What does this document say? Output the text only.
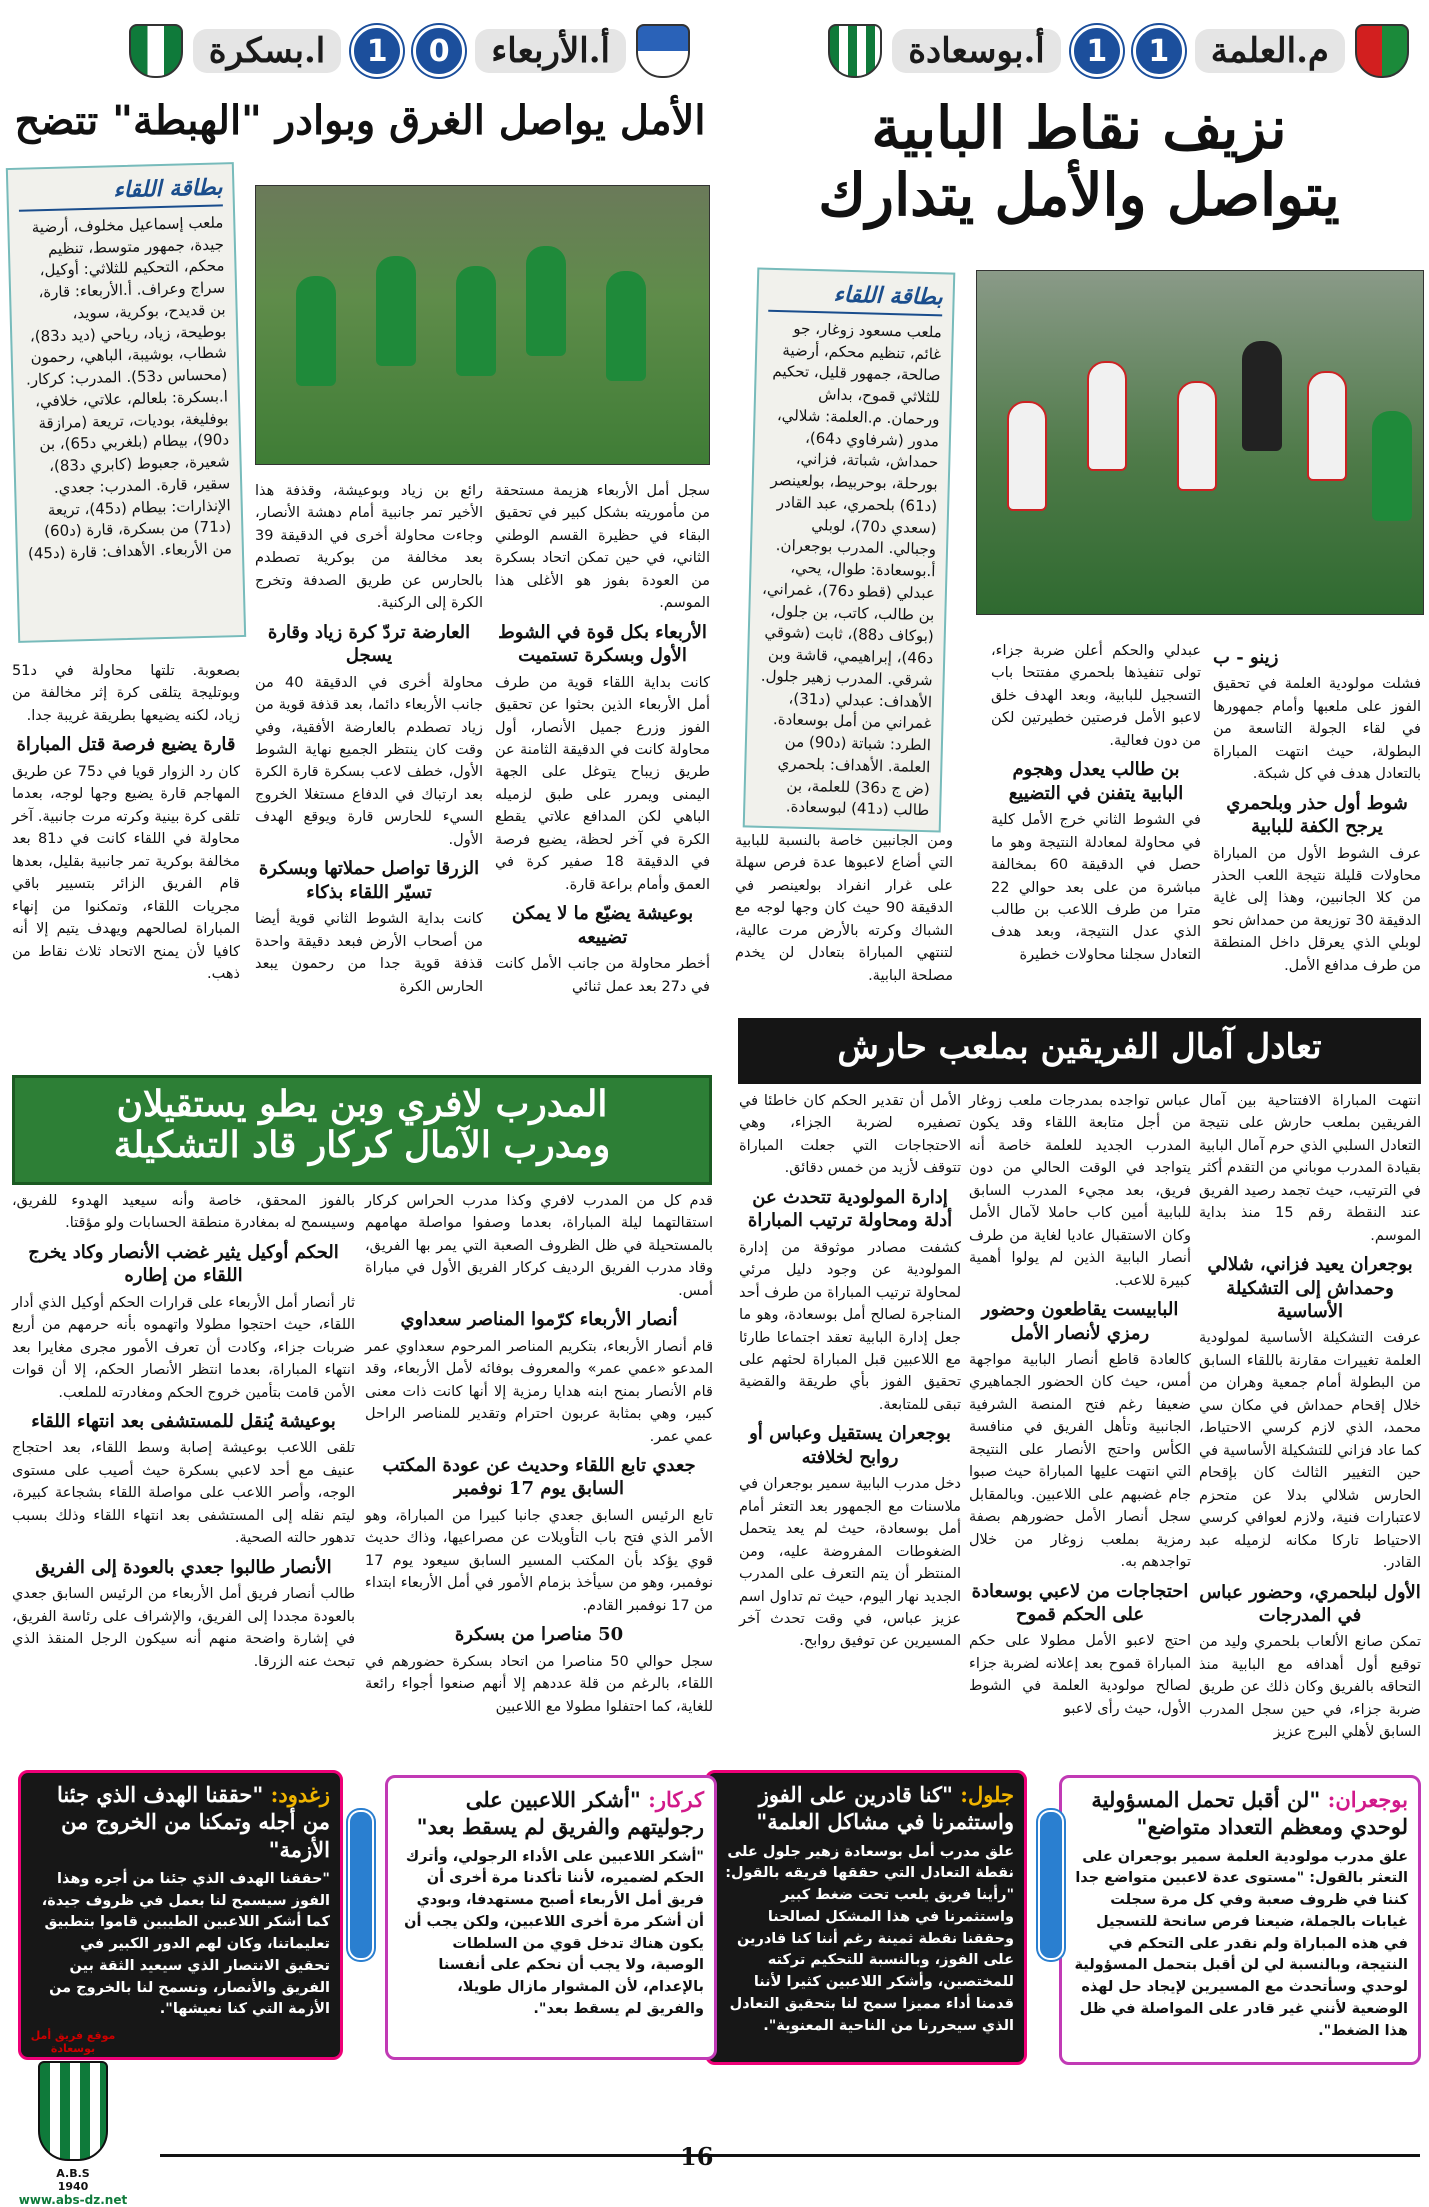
م.العلمة
1
1
أ.بوسعادة
أ.الأربعاء
0
1
ا.بسكرة
نزيف نقاط البابية
يتواصل والأمل يتدارك
بطاقة اللقاء
ملعب مسعود زوغار، جو غائم، تنظيم محكم، أرضية صالحة، جمهور قليل، تحكيم للثلاثي قموح، بداش ورحمان. م.العلمة: شلالي، مدور (شرفاوي د64)، حمداش، شباتة، فزاني، بورحلة، بوحربيط، بولعينصر (د61) بلحمري، عبد القادر (سعدي د70)، لوبلي وجبالي. المدرب بوجعران. أ.بوسعادة: طوال، يحي، عبدلي (قطو د76)، غمراني، بن طالب، كاتب، بن جلول، (بوكاف د88)، ثابت (شوقي د46)، إبراهيمي، قاشة وبن شرقي. المدرب زهير جلول. الأهداف: عبدلي (د31)، غمراني من أمل بوسعادة. الطرد: شباتة (د90) من العلمة. الأهداف: بلحمري (ض ج د36) للعلمة، بن طالب (د41) لبوسعادة.
زينو - ب

فشلت مولودية العلمة في تحقيق الفوز على ملعبها وأمام جمهورها في لقاء الجولة التاسعة من البطولة، حيث انتهت المباراة بالتعادل هدف في كل شبكة.

شوط أول حذر وبلحمري يرجح الكفة للبابية

عرف الشوط الأول من المباراة محاولات قليلة نتيجة اللعب الحذر من كلا الجانبين، وهذا إلى غاية الدقيقة 30 توزيعة من حمداش نحو لوبلي الذي يعرقل داخل المنطقة من طرف مدافع الأمل.

عبدلي والحكم أعلن ضربة جزاء، تولى تنفيذها بلحمري مفتتحا باب التسجيل للبابية، وبعد الهدف خلق لاعبو الأمل فرصتين خطيرتين لكن من دون فعالية.

بن طالب يعدل وهجوم البابية يتفنن في التضييع

في الشوط الثاني خرج الأمل كلية في محاولة لمعادلة النتيجة وهو ما حصل في الدقيقة 60 بمخالفة مباشرة من على بعد حوالي 22 مترا من طرف اللاعب بن طالب الذي عدل النتيجة، وبعد هدف التعادل سجلنا محاولات خطيرة

ومن الجانبين خاصة بالنسبة للبابية التي أضاع لاعبوها عدة فرص سهلة على غرار انفراد بولعينصر في الدقيقة 90 حيث كان وجها لوجه مع الشباك وكرته بالأرض مرت عالية، لتنتهي المباراة بتعادل لن يخدم مصلحة البابية.

الأمل يواصل الغرق وبوادر "الهبطة" تتضح
بطاقة اللقاء
ملعب إسماعيل مخلوف، أرضية جيدة، جمهور متوسط، تنظيم محكم، التحكيم للثلاثي: أوكيل، سراج وعراف. أ.الأربعاء: قارة، بن قديدح، بوكرية، سويد، بوطيحة، زياد، رياحي (ديد د83)، شطاب، بوشيبة، الباهي، رحمون (محساس د53). المدرب: كركار. ا.بسكرة: بلعالم، علاتي، خلافي، بوفليغة، بوديات، تريعة (مرازقة د90)، بيطام (بلغربي د65)، بن شعيرة، جعبوط (كابري د83)، سقير، قارة. المدرب: جعدي. الإنذارات: بيطام (د45)، تريعة (د71) من بسكرة، قارة (د60) من الأربعاء. الأهداف: قارة (د45)

سجل أمل الأربعاء هزيمة مستحقة من مأموريته بشكل كبير في تحقيق البقاء في حظيرة القسم الوطني الثاني، في حين تمكن اتحاد بسكرة من العودة بفوز هو الأغلى هذا الموسم.

الأربعاء بكل قوة في الشوط الأول وبسكرة تستميت

كانت بداية اللقاء قوية من طرف أمل الأربعاء الذين بحثوا عن تحقيق الفوز وزرع جميل الأنصار، أول محاولة كانت في الدقيقة الثامنة عن طريق زيباح يتوغل على الجهة اليمنى ويمرر على طبق لزميله الباهي لكن المدافع علاتي يقطع الكرة في آخر لحظة، يضيع فرصة في الدقيقة 18 صفير كرة في العمق وأمام براعة قارة.

بوعيشة يضيّع ما لا يمكن تضييعه

أخطر محاولة من جانب الأمل كانت في د27 بعد عمل ثنائي

رائع بن زياد وبوعيشة، وقذفة هذا الأخير تمر جانبية أمام دهشة الأنصار، وجاءت محاولة أخرى في الدقيقة 39 بعد مخالفة من بوكرية تصطدم بالحارس عن طريق الصدفة وتخرج الكرة إلى الركنية.

العارضة تردّ كرة زياد وقارة يسجل

محاولة أخرى في الدقيقة 40 من جانب الأربعاء دائما، بعد قذفة قوية من زياد تصطدم بالعارضة الأفقية، وفي وقت كان ينتظر الجميع نهاية الشوط الأول، خطف لاعب بسكرة قارة الكرة بعد ارتباك في الدفاع مستغلا الخروج السيء للحارس قارة ويوقع الهدف الأول.

الزرقا تواصل حملاتها وبسكرة تسيّر اللقاء بذكاء

كانت بداية الشوط الثاني قوية أيضا من أصحاب الأرض فبعد دقيقة واحدة قذفة قوية جدا من رحمون يبعد الحارس الكرة

بصعوبة. تلتها محاولة في د51 وبوتليجة يتلقى كرة إثر مخالفة من زياد، لكنه يضيعها بطريقة غريبة جدا.

قارة يضيع فرصة قتل المباراة

كان رد الزوار قويا في د75 عن طريق المهاجم قارة يضيع وجها لوجه، بعدما تلقى كرة بينية وكرته مرت جانبية. آخر محاولة في اللقاء كانت في د81 بعد مخالفة بوكرية تمر جانبية بقليل، بعدها قام الفريق الزائر بتسيير باقي مجريات اللقاء، وتمكنوا من إنهاء المباراة لصالحهم ويهدف يتيم إلا أنه كافيا لأن يمنح الاتحاد ثلاث نقاط من ذهب.

تعادل آمال الفريقين بملعب حارش

انتهت المباراة الافتتاحية بين آمال الفريقين بملعب حارش على نتيجة التعادل السلبي الذي حرم آمال البابية بقيادة المدرب موباني من التقدم أكثر في الترتيب، حيث تجمد رصيد الفريق عند النقطة رقم 15 منذ بداية الموسم.

بوجعران يعيد فزاني، شلالي وحمداش إلى التشكيلة الأساسية

عرفت التشكيلة الأساسية لمولودية العلمة تغييرات مقارنة باللقاء السابق من البطولة أمام جمعية وهران من خلال إقحام حمداش في مكان سي محمد، الذي لازم كرسي الاحتياط، كما عاد فزاني للتشكيلة الأساسية في حين التغيير الثالث كان بإقحام الحارس شلالي بدلا عن متحزم لاعتبارات فنية، ولازم لعوافي كرسي الاحتياط تاركا مكانه لزميله عبد القادر.

الأول لبلحمري، وحضور عباس في المدرجات

تمكن صانع الألعاب بلحمري وليد من توقيع أول أهدافه مع البابية منذ التحاقه بالفريق وكان ذلك عن طريق ضربة جزاء، في حين سجل المدرب السابق لأهلي البرج عزيز

عباس تواجده بمدرجات ملعب زوغار من أجل متابعة اللقاء وقد يكون المدرب الجديد للعلمة خاصة أنه يتواجد في الوقت الحالي من دون فريق، بعد مجيء المدرب السابق للبابية أمين كاب حاملا لآمال الأمل وكان الاستقبال عاديا لغاية من طرف أنصار البابية الذين لم يولوا أهمية كبيرة للاعب.

البابيست يقاطعون وحضور رمزي لأنصار الأمل

كالعادة قاطع أنصار البابية مواجهة أمس، حيث كان الحضور الجماهيري ضعيفا رغم فتح المنصة الشرفية الجانبية وتأهل الفريق في منافسة الكأس واحتج الأنصار على النتيجة التي انتهت عليها المباراة حيث صبوا جام غضبهم على اللاعبين. وبالمقابل سجل أنصار الأمل حضورهم بصفة رمزية بملعب زوغار من خلال تواجدهم به.

احتجاجات من لاعبي بوسعادة على الحكم قموح

احتج لاعبو الأمل مطولا على حكم المباراة قموح بعد إعلانه لضربة جزاء لصالح مولودية العلمة في الشوط الأول، حيث رأى لاعبو

الأمل أن تقدير الحكم كان خاطئا في تصفيره لضربة الجزاء، وهي الاحتجاجات التي جعلت المباراة تتوقف لأزيد من خمس دقائق.

إدارة المولودية تتحدث عن أدلة ومحاولة ترتيب المباراة

كشفت مصادر موثوقة من إدارة المولودية عن وجود دليل مرئي لمحاولة ترتيب المباراة من طرف أحد المناجرة لصالح أمل بوسعادة، وهو ما جعل إدارة البابية تعقد اجتماعا طارئا مع اللاعبين قبل المباراة لحثهم على تحقيق الفوز بأي طريقة والقضية تبقى للمتابعة.

بوجعران يستقيل وعباس أو روابح لخلافته

دخل مدرب البابية سمير بوجعران في ملاسنات مع الجمهور بعد التعثر أمام أمل بوسعادة، حيث لم يعد يتحمل الضغوطات المفروضة عليه، ومن المنتظر أن يتم التعرف على المدرب الجديد نهار اليوم، حيث تم تداول اسم عزيز عباس، في وقت تحدث آخر المسيرين عن توفيق روابح.

المدرب لافري وبن يطو يستقيلان
ومدرب الآمال كركار قاد التشكيلة

قدم كل من المدرب لافري وكذا مدرب الحراس كركار استقالتهما ليلة المباراة، بعدما وصفوا مواصلة مهامهم بالمستحيلة في ظل الظروف الصعبة التي يمر بها الفريق، وقاد مدرب الفريق الرديف كركار الفريق الأول في مباراة أمس.

أنصار الأربعاء كرّموا المناصر سعداوي

قام أنصار الأربعاء، بتكريم المناصر المرحوم سعداوي عمر المدعو «عمي عمر» والمعروف بوفائه لأمل الأربعاء، وقد قام الأنصار بمنح ابنه هدايا رمزية إلا أنها كانت ذات معنى كبير، وهي بمثابة عربون احترام وتقدير للمناصر الراحل عمي عمر.

جعدي تابع اللقاء وحديث عن عودة المكتب السابق يوم 17 نوفمبر

تابع الرئيس السابق جعدي جانبا كبيرا من المباراة، وهو الأمر الذي فتح باب التأويلات عن مصراعيها، وذاك حديث قوي يؤكد بأن المكتب المسير السابق سيعود يوم 17 نوفمبر، وهو من سيأخذ بزمام الأمور في أمل الأربعاء ابتداء من 17 نوفمبر القادم.

50 مناصرا من بسكرة

سجل حوالي 50 مناصرا من اتحاد بسكرة حضورهم في اللقاء، بالرغم من قلة عددهم إلا أنهم صنعوا أجواء رائعة للغاية، كما احتفلوا مطولا مع اللاعبين

بالفوز المحقق، خاصة وأنه سيعيد الهدوء للفريق، وسيسمح له بمغادرة منطقة الحسابات ولو مؤقتا.

الحكم أوكيل يثير غضب الأنصار وكاد يخرج اللقاء من إطاره

ثار أنصار أمل الأربعاء على قرارات الحكم أوكيل الذي أدار اللقاء، حيث احتجوا مطولا واتهموه بأنه حرمهم من أربع ضربات جزاء، وكادت أن تعرف الأمور مجرى مغايرا بعد انتهاء المباراة، بعدما انتظر الأنصار الحكم، إلا أن قوات الأمن قامت بتأمين خروج الحكم ومغادرته للملعب.

بوعيشة يُنقل للمستشفى بعد انتهاء اللقاء

تلقى اللاعب بوعيشة إصابة وسط اللقاء، بعد احتجاج عنيف مع أحد لاعبي بسكرة حيث أصيب على مستوى الوجه، وأصر اللاعب على مواصلة اللقاء بشجاعة كبيرة، ليتم نقله إلى المستشفى بعد انتهاء اللقاء وذلك بسبب تدهور حالته الصحية.

الأنصار طالبوا جعدي بالعودة إلى الفريق

طالب أنصار فريق أمل الأربعاء من الرئيس السابق جعدي بالعودة مجددا إلى الفريق، والإشراف على رئاسة الفريق، في إشارة واضحة منهم أنه سيكون الرجل المنقذ الذي تبحث عنه الزرقا.

بوجعران: "لن أقبل تحمل المسؤولية لوحدي ومعظم التعداد متواضع"
علق مدرب مولودية العلمة سمير بوجعران على التعثر بالقول: "مستوى عدة لاعبين متواضع جدا كننا في ظروف صعبة وفي كل مرة سجلت غيابات بالجملة، ضيعنا فرص سانحة للتسجيل في هذه المباراة ولم نقدر على التحكم في النتيجة، وبالنسبة لي لن أقبل بتحمل المسؤولية لوحدي وسأتحدث مع المسيرين لإيجاد حل لهذه الوضعية لأنني غير قادر على المواصلة في ظل هذا الضغط".
جلول: "كنا قادرين على الفوز واستثمرنا في مشاكل العلمة"
علق مدرب أمل بوسعادة زهير جلول على نقطة التعادل التي حققها فريقه بالقول: "رأينا فريق يلعب تحت ضغط كبير واستثمرنا في هذا المشكل لصالحنا وحققنا نقطة ثمينة رغم أننا كنا قادرين على الفوز، وبالنسبة للتحكيم تركته للمختصين، وأشكر اللاعبين كثيرا لأننا قدمنا أداء مميزا سمح لنا بتحقيق التعادل الذي سيحررنا من الناحية المعنوية".
كركار: "أشكر اللاعبين على رجوليتهم والفريق لم يسقط بعد"
"أشكر اللاعبين على الأداء الرجولي، وأترك الحكم لضميره، لأننا تأكدنا مرة أخرى أن فريق أمل الأربعاء أصبح مستهدفا، وبودي أن أشكر مرة أخرى اللاعبين، ولكن يجب أن يكون هناك تدخل قوي من السلطات الوصية، ولا يجب أن نحكم على أنفسنا بالإعدام، لأن المشوار مازال طويلا، والفريق لم يسقط بعد".
زغدود: "حققنا الهدف الذي جئنا من أجله وتمكنا من الخروج من الأزمة"
"حققنا الهدف الذي جئنا من أجره وهذا الفوز سيسمح لنا بعمل في ظروف جيدة، كما أشكر اللاعبين الطيبين قاموا بتطبيق تعليماتنا، وكان لهم الدور الكبير في تحقيق الانتصار الذي سيعيد الثقة بين الفريق والأنصار، ونسمح لنا بالخروج من الأزمة التي كنا نعيشها".
16
موقع فريق أمل بوسعادة
A.B.S
1940
www.abs-dz.net
